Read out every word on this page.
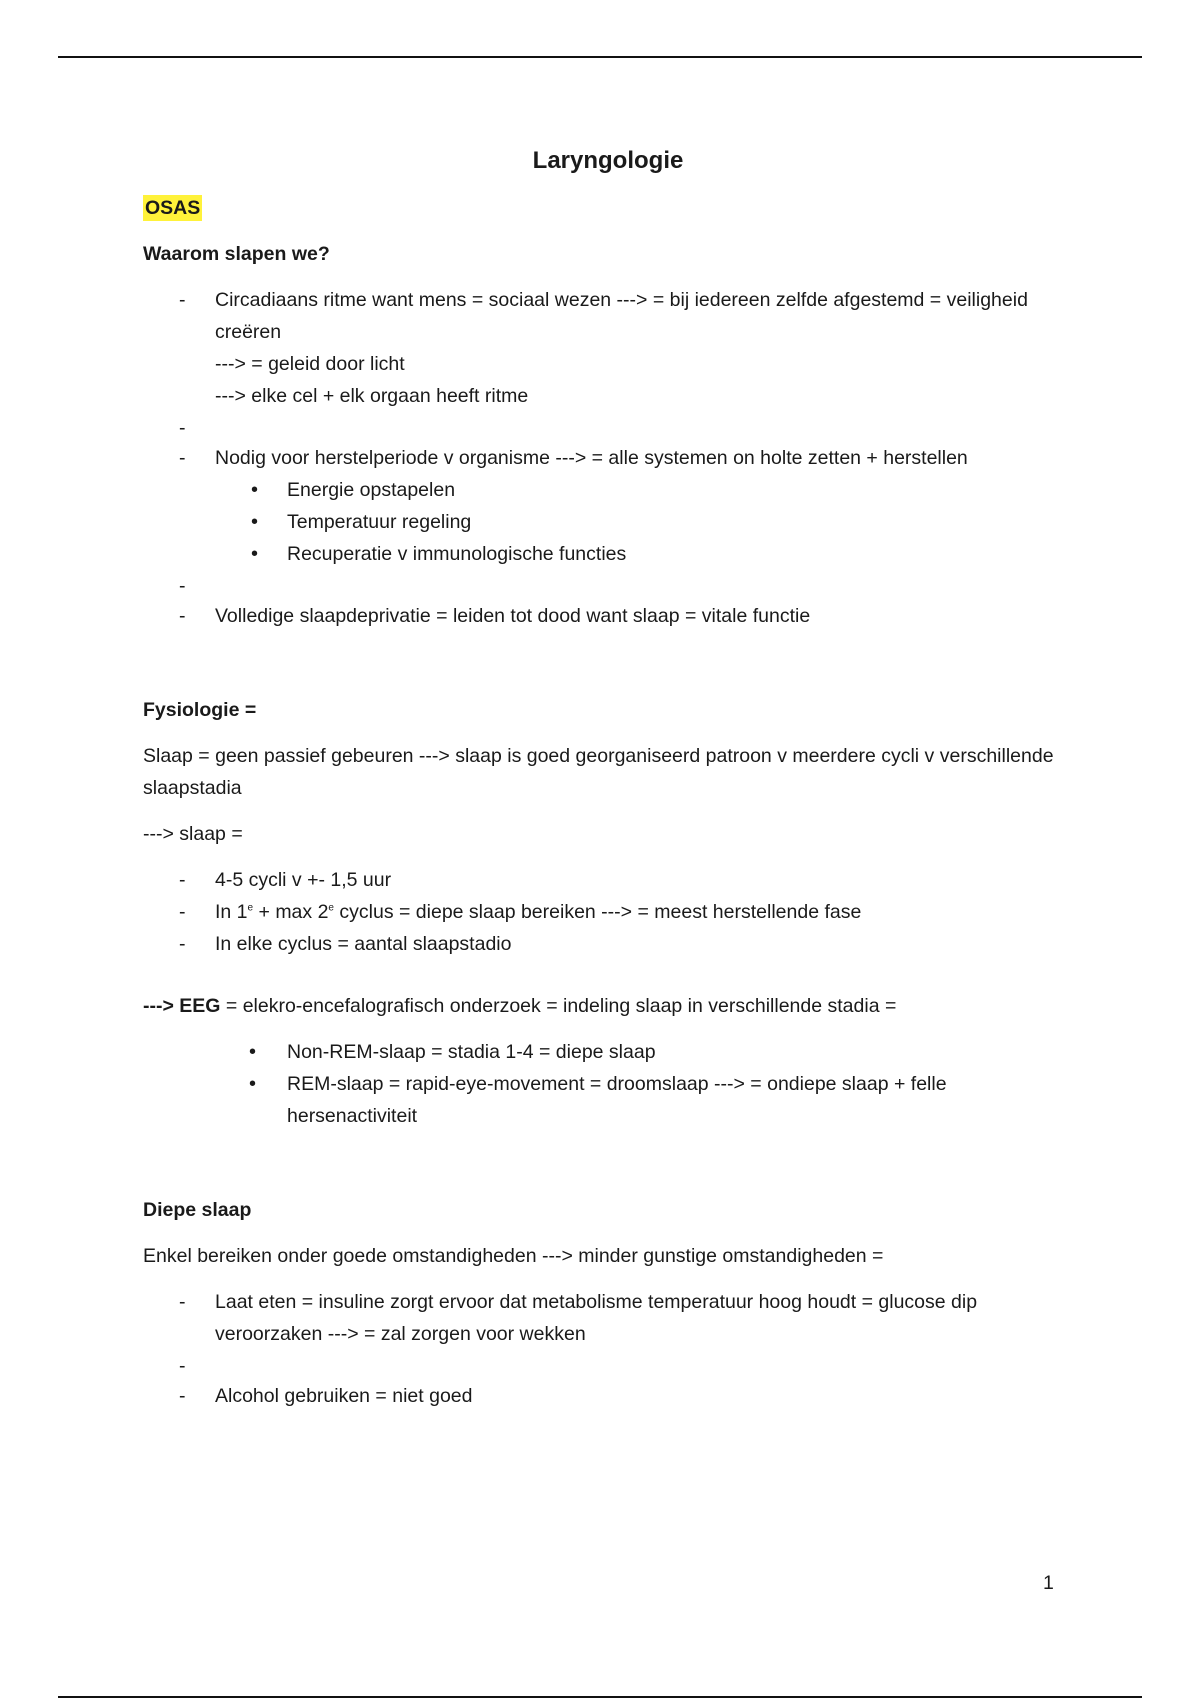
Laryngologie
OSAS
Waarom slapen we?
- Circadiaans ritme want mens = sociaal wezen ---> = bij iedereen zelfde afgestemd = veiligheid creëren
---> = geleid door licht
---> elke cel + elk orgaan heeft ritme
-
- Nodig voor herstelperiode v organisme ---> = alle systemen on holte zetten + herstellen
• Energie opstapelen
• Temperatuur regeling
• Recuperatie v immunologische functies
-
- Volledige slaapdeprivatie = leiden tot dood want slaap = vitale functie
Fysiologie =
Slaap = geen passief gebeuren ---> slaap is goed georganiseerd patroon v meerdere cycli v verschillende slaapstadia
---> slaap =
- 4-5 cycli v +- 1,5 uur
- In $1^e + \max 2e$ cyclus = diepe slaap bereiken ---> = meest herstellende fase
- In elke cyclus = aantal slaapstadio
---> EEG = elekro-encefalografisch onderzoek = indeling slaap in verschillende stadia =
• Non-REM-slaap = stadia 1-4 = diepe slaap
• REM-slaap = rapid-eye-movement = droomslaap ---> = ondiepe slaap + felle hersenactiviteit
Diepe slaap
Enkel bereiken onder goede omstandigheden ---> minder gunstige omstandigheden =
- Laat eten = insuline zorgt ervoor dat metabolisme temperatuur hoog houdt = glucose dip veroorzaken ---> = zal zorgen voor wekken
-
- Alcohol gebruiken = niet goed
1
